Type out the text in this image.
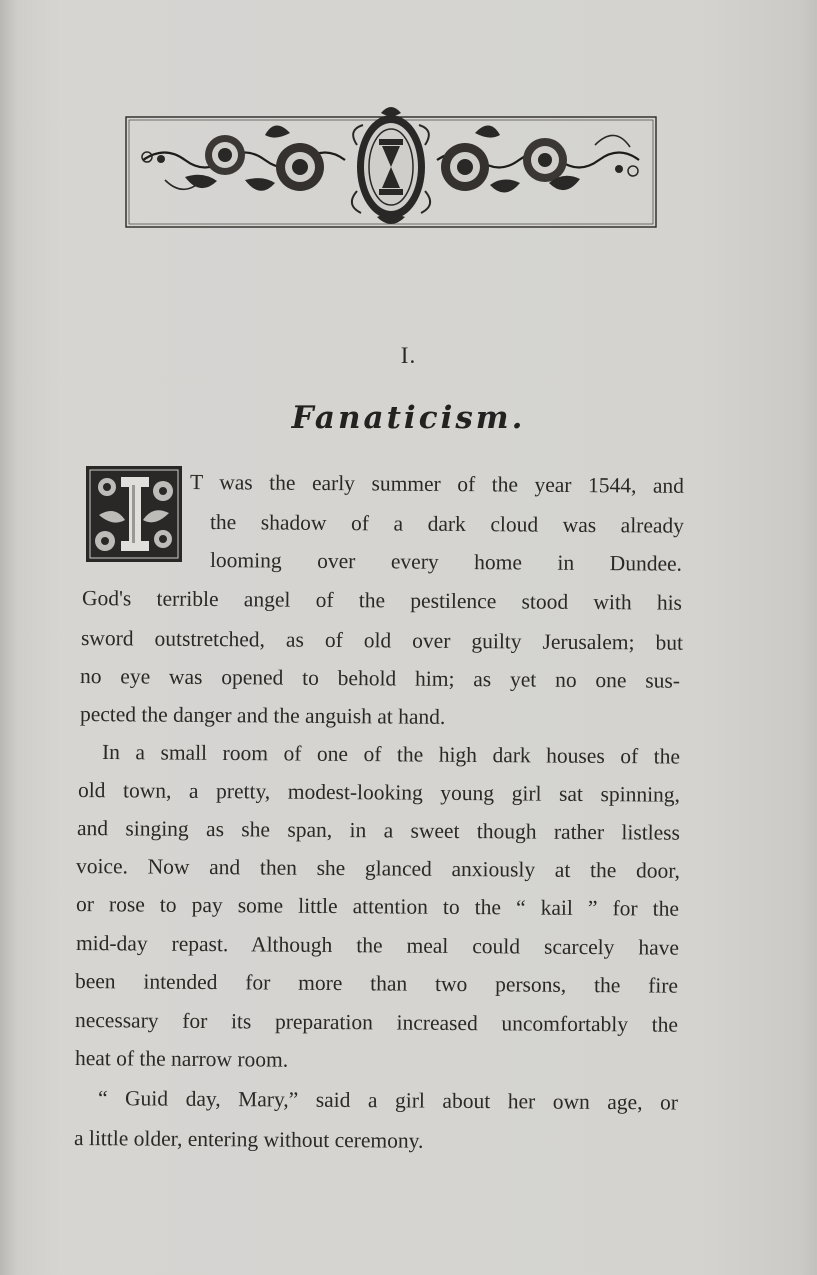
I.
Fanaticism.

T was the early summer of the year 1544, and

the shadow of a dark cloud was already

looming over every home in Dundee.

God's terrible angel of the pestilence stood with his

sword outstretched, as of old over guilty Jerusalem; but

no eye was opened to behold him; as yet no one sus-

pected the danger and the anguish at hand.

In a small room of one of the high dark houses of the

old town, a pretty, modest-looking young girl sat spinning,

and singing as she span, in a sweet though rather listless

voice. Now and then she glanced anxiously at the door,

or rose to pay some little attention to the “ kail ” for the

mid-day repast. Although the meal could scarcely have

been intended for more than two persons, the fire

necessary for its preparation increased uncomfortably the

heat of the narrow room.

“ Guid day, Mary,” said a girl about her own age, or

a little older, entering without ceremony.
